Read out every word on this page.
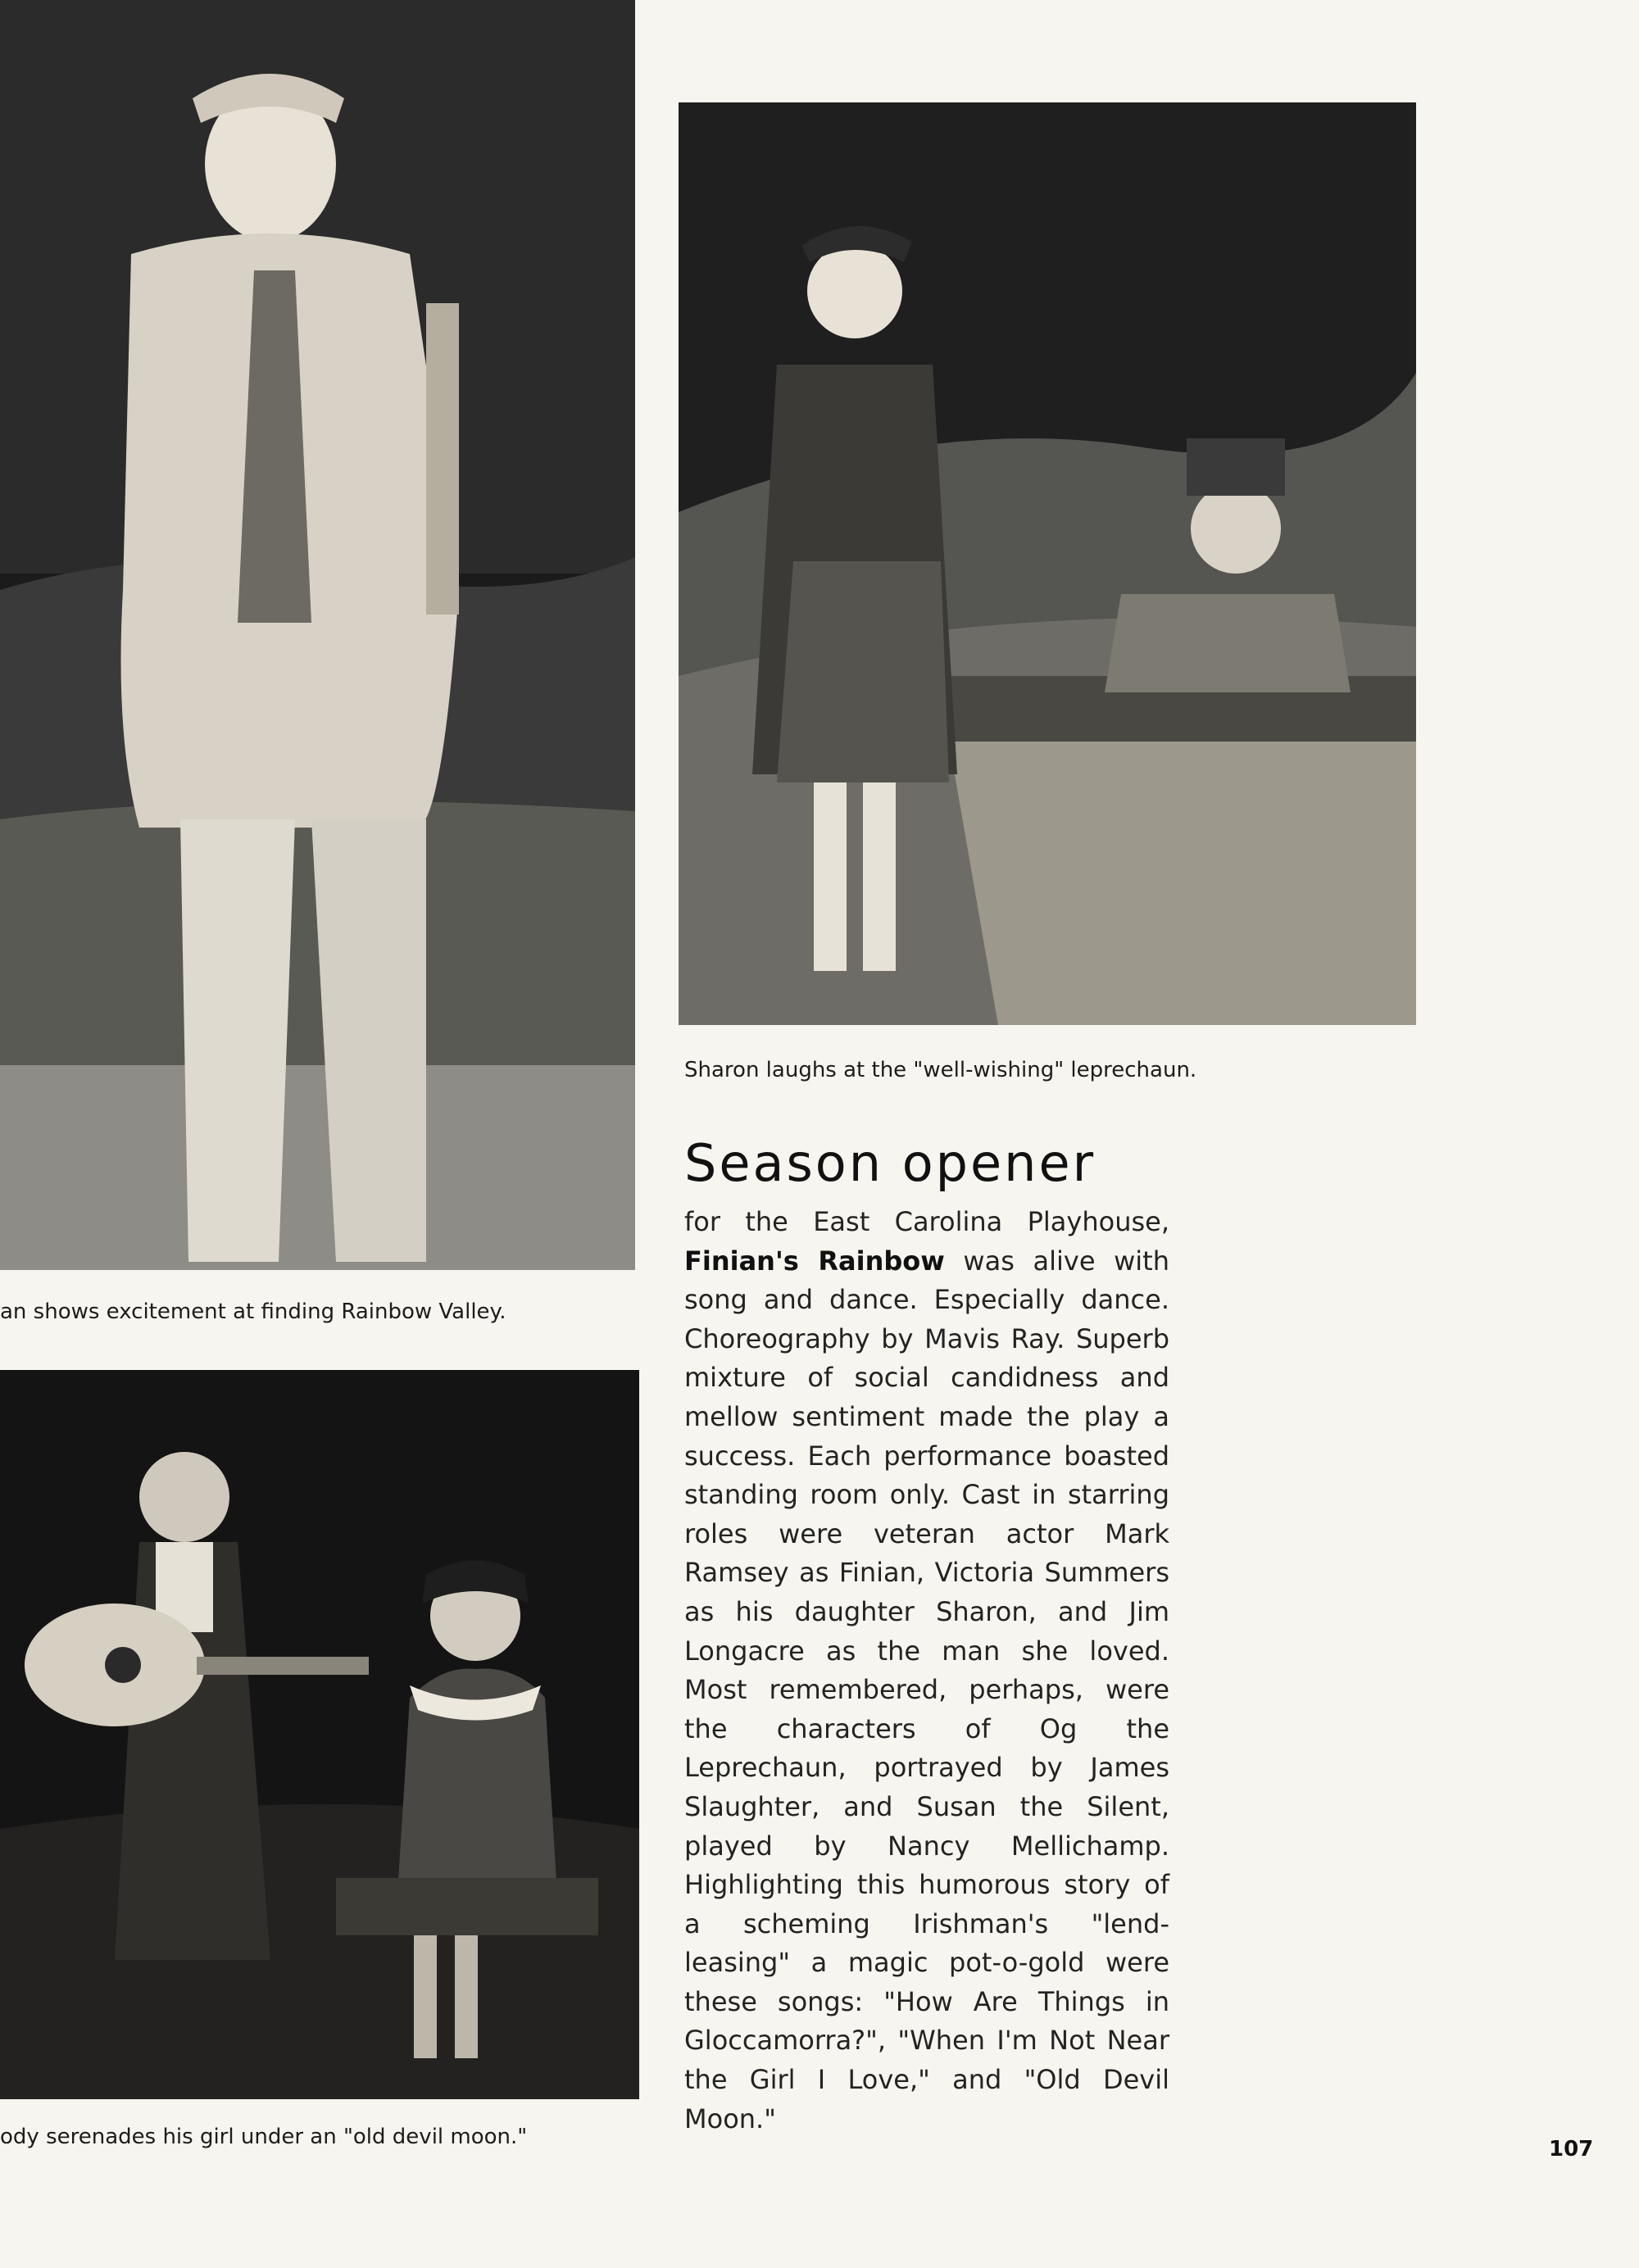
an shows excitement at finding Rainbow Valley.
Sharon laughs at the "well-wishing" leprechaun.
Season opener
for the East Carolina Playhouse, Finian's Rainbow was alive with song and dance. Especially dance. Choreography by Mavis Ray. Superb mixture of social candidness and mellow sentiment made the play a success. Each performance boasted standing room only. Cast in starring roles were veteran actor Mark Ramsey as Finian, Victoria Summers as his daughter Sharon, and Jim Longacre as the man she loved. Most remembered, perhaps, were the characters of Og the Leprechaun, portrayed by James Slaughter, and Susan the Silent, played by Nancy Mellichamp. Highlighting this humorous story of a scheming Irishman's "lend-leasing" a magic pot-o-gold were these songs: "How Are Things in Gloccamorra?", "When I'm Not Near the Girl I Love," and "Old Devil Moon."
ody serenades his girl under an "old devil moon."	107
